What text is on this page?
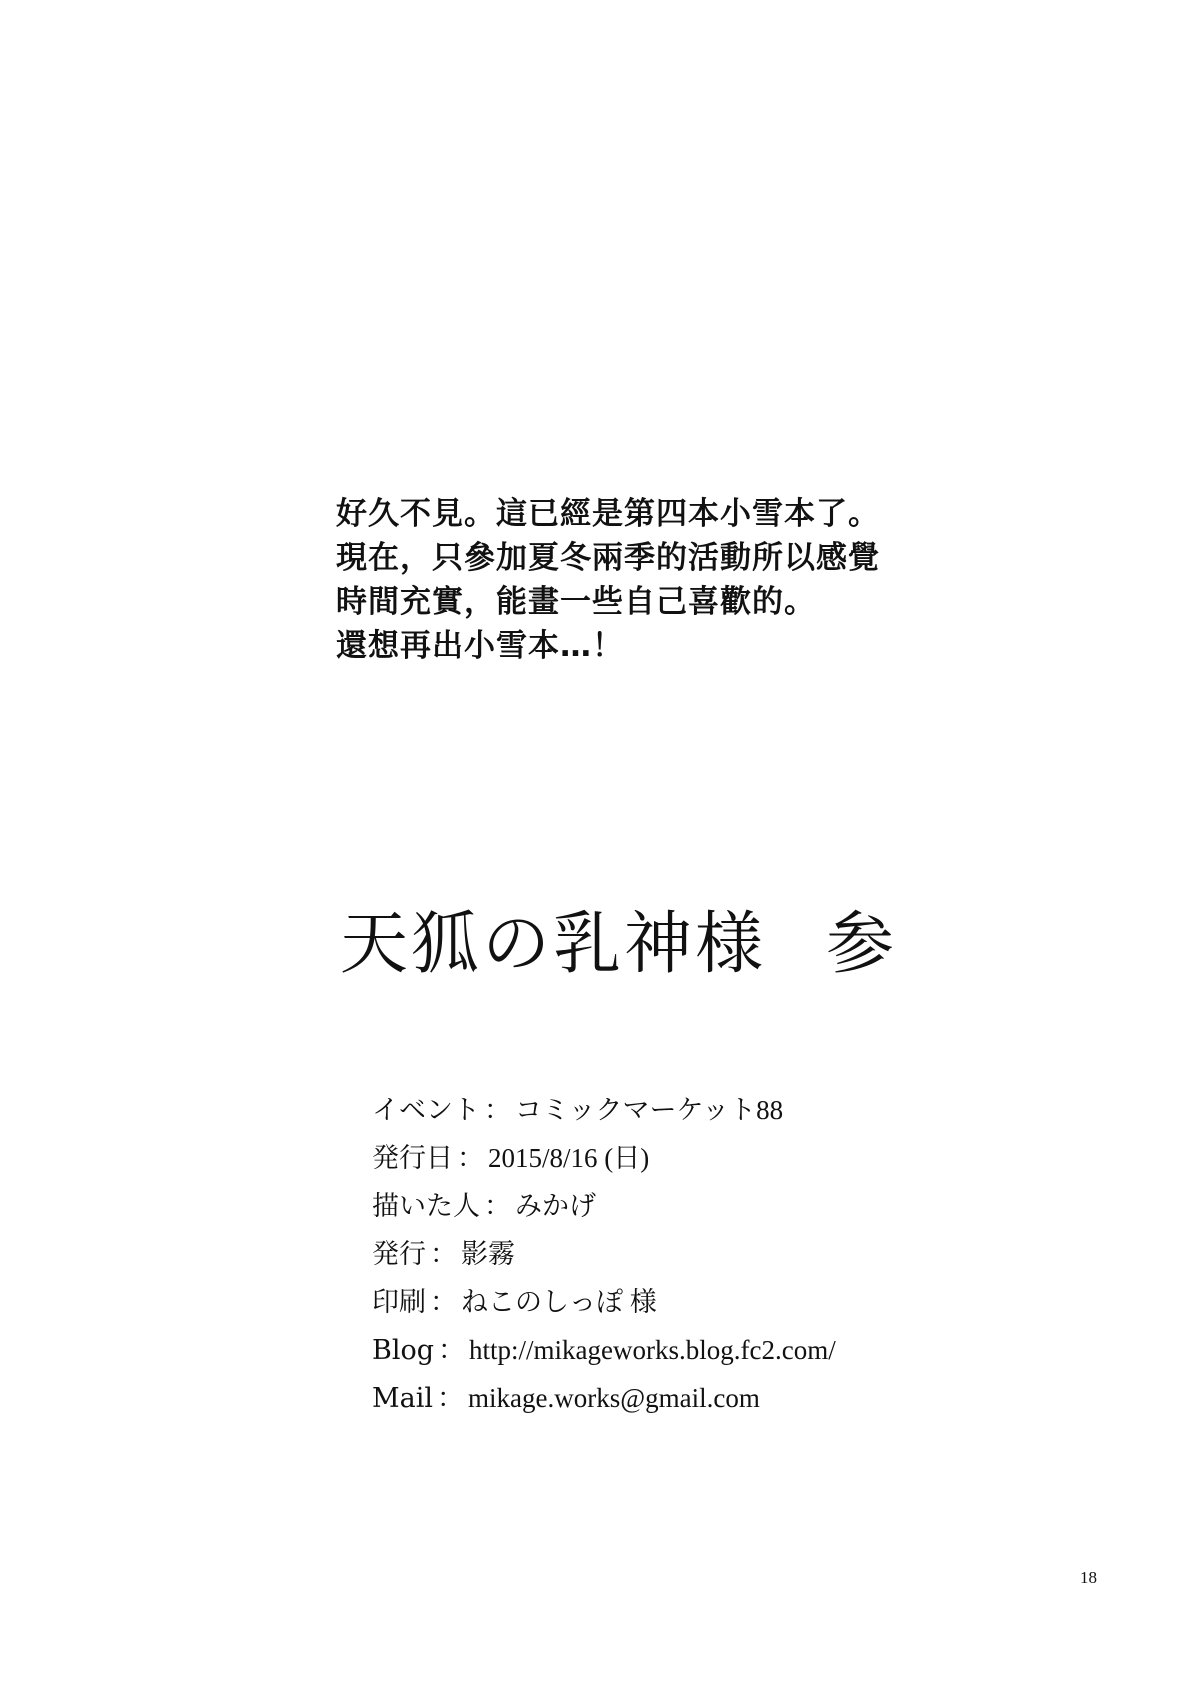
好久不見。這已經是第四本小雪本了。
現在，只參加夏冬兩季的活動所以感覺
時間充實，能畫一些自己喜歡的。
還想再出小雪本…！
天狐の乳神様 参
イベント ： コミックマーケット88
発行日 ： 2015/8/16 (日)
描いた人 ： みかげ
発行 ： 影霧
印刷 ： ねこのしっぽ 様
Blog ： http://mikageworks.blog.fc2.com/
Mail ： mikage.works@gmail.com
18
